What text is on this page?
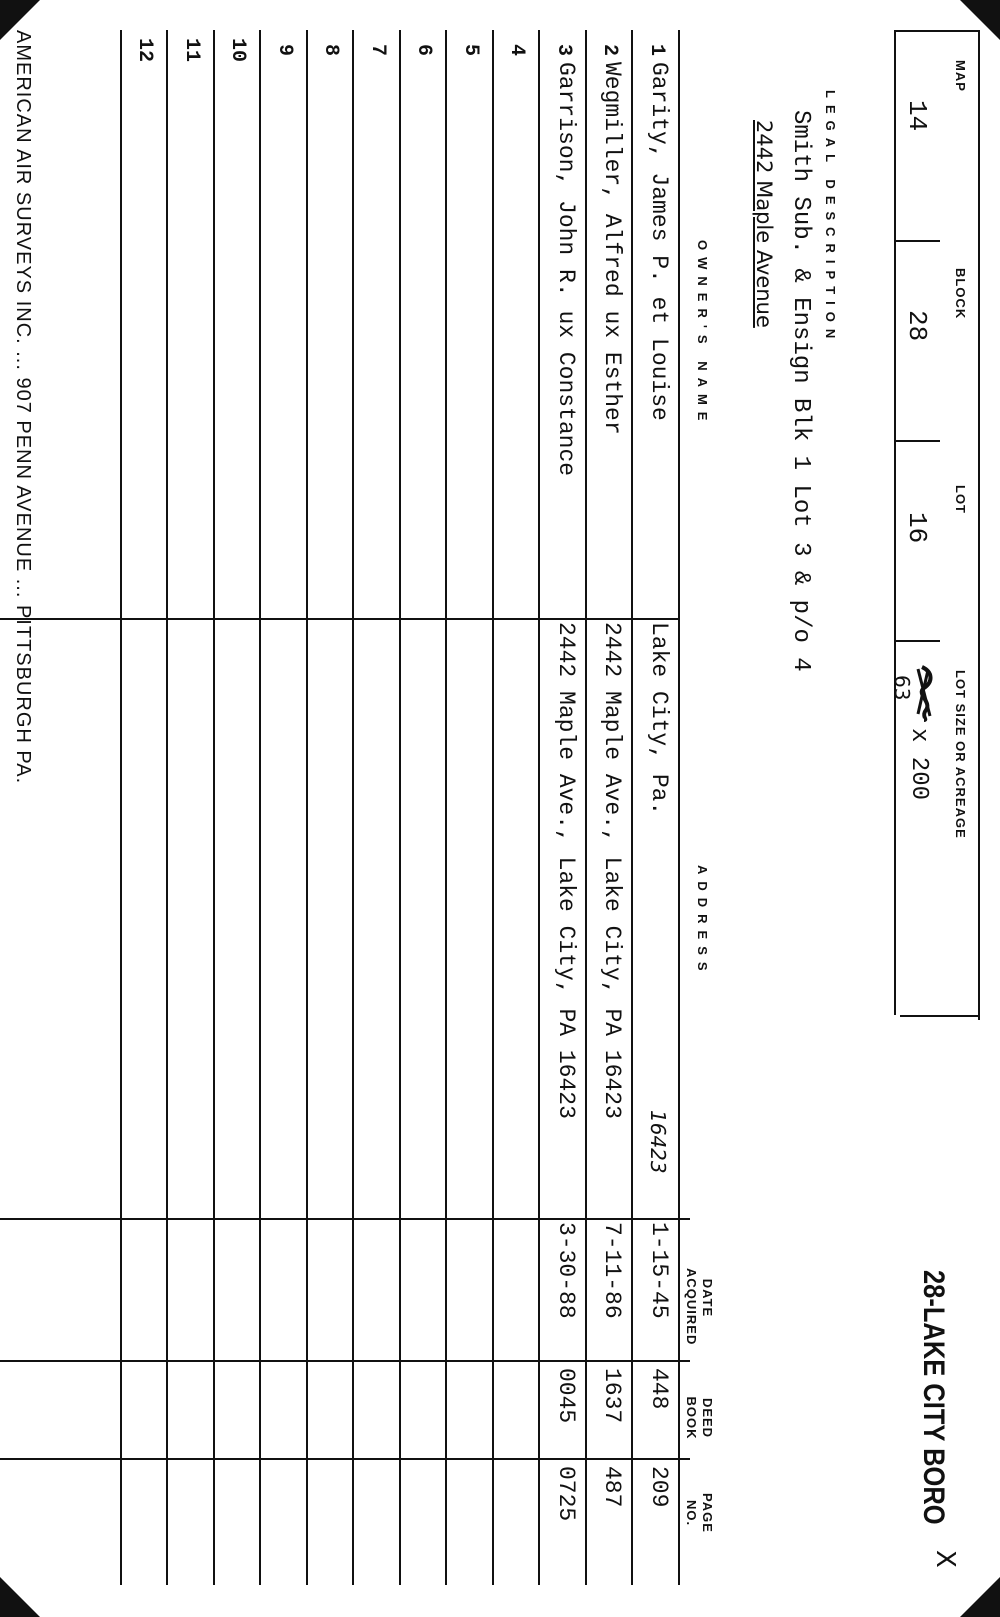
28-LAKE CITY BORO
X
MAP
BLOCK
LOT
LOT SIZE OR ACREAGE
14
28
16
63
x 200
LEGAL DESCRIPTION
Smith Sub. & Ensign Blk 1 Lot 3 & p/o 4
2442 Maple Avenue
OWNER'S NAME
ADDRESS
DATE ACQUIRED
DEED BOOK
PAGE NO.
1
Garity, James P. et Louise
Lake City, Pa.
1-15-45
448
209
16423
2
Wegmiller, Alfred ux Esther
2442 Maple Ave., Lake City, PA 16423
7-11-86
1637
487
3
Garrison, John R. ux Constance
2442 Maple Ave., Lake City, PA 16423
3-30-88
0045
0725
4
5
6
7
8
9
10
11
12
AMERICAN AIR SURVEYS INC. ... 907 PENN AVENUE ... PITTSBURGH PA.
